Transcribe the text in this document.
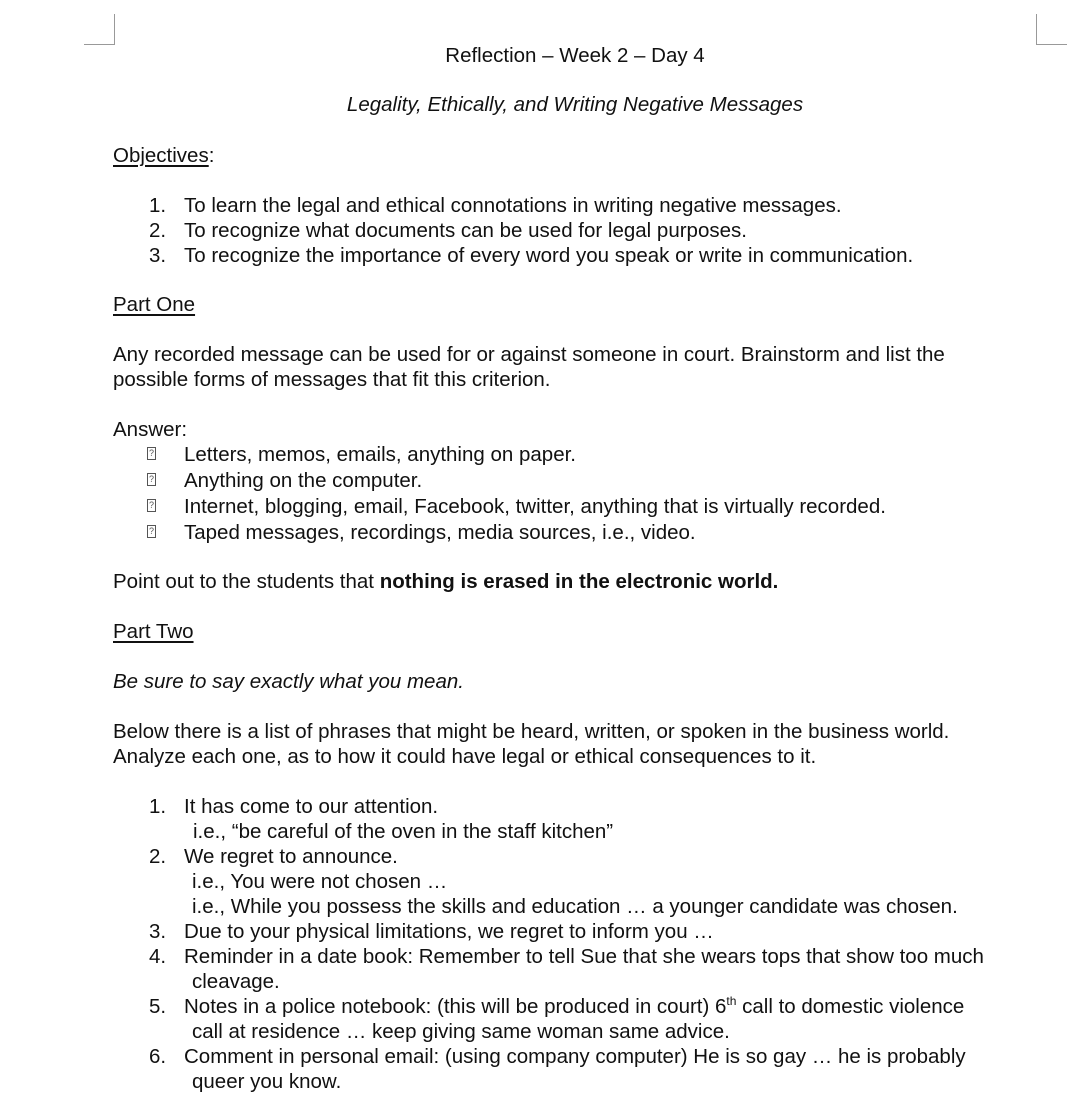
Reflection – Week 2 – Day 4
Legality, Ethically, and Writing Negative Messages
Objectives:
1. To learn the legal and ethical connotations in writing negative messages.
2. To recognize what documents can be used for legal purposes.
3. To recognize the importance of every word you speak or write in communication.
Part One
Any recorded message can be used for or against someone in court. Brainstorm and list the possible forms of messages that fit this criterion.
Answer:
? Letters, memos, emails, anything on paper.
? Anything on the computer.
? Internet, blogging, email, Facebook, twitter, anything that is virtually recorded.
? Taped messages, recordings, media sources, i.e., video.
Point out to the students that nothing is erased in the electronic world.
Part Two
Be sure to say exactly what you mean.
Below there is a list of phrases that might be heard, written, or spoken in the business world. Analyze each one, as to how it could have legal or ethical consequences to it.
1. It has come to our attention.
i.e., “be careful of the oven in the staff kitchen”
2. We regret to announce.
i.e., You were not chosen …
i.e., While you possess the skills and education … a younger candidate was chosen.
3. Due to your physical limitations, we regret to inform you …
4. Reminder in a date book: Remember to tell Sue that she wears tops that show too much
cleavage.
5. Notes in a police notebook: (this will be produced in court) 6th call to domestic violence
call at residence … keep giving same woman same advice.
6. Comment in personal email: (using company computer) He is so gay … he is probably
queer you know.
